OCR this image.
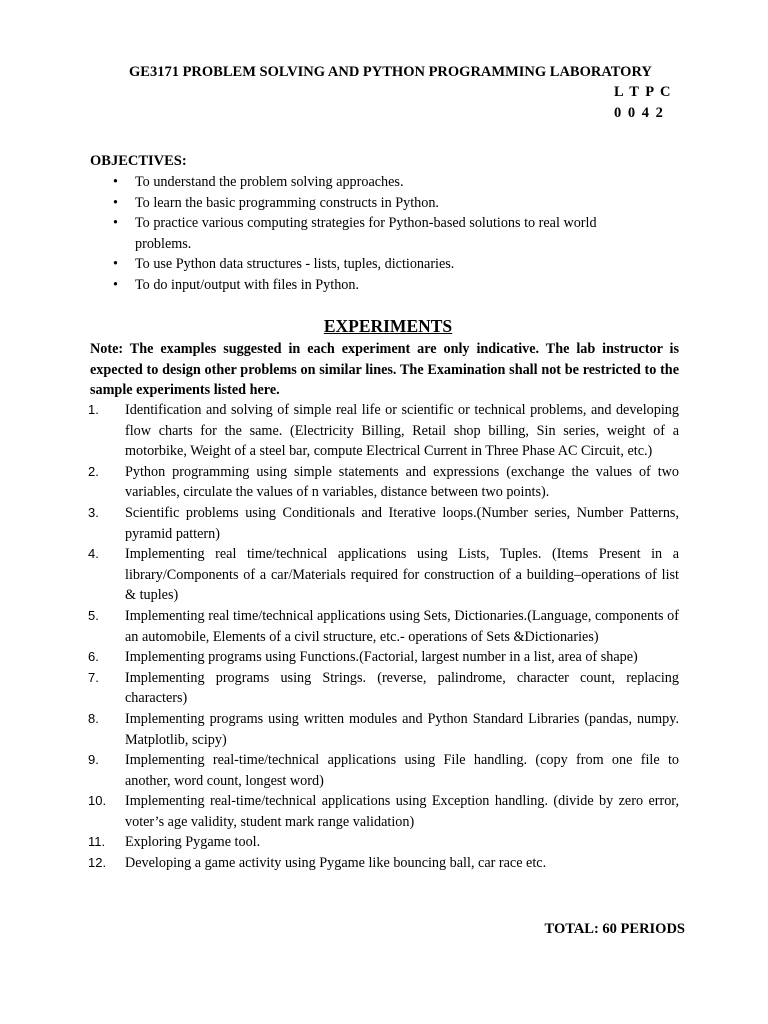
GE3171 PROBLEM SOLVING AND PYTHON PROGRAMMING LABORATORY
L T P C
0 0 4 2
OBJECTIVES:
• To understand the problem solving approaches.
• To learn the basic programming constructs in Python.
• To practice various computing strategies for Python-based solutions to real world problems.
• To use Python data structures - lists, tuples, dictionaries.
• To do input/output with files in Python.
EXPERIMENTS
Note: The examples suggested in each experiment are only indicative. The lab instructor is expected to design other problems on similar lines. The Examination shall not be restricted to the sample experiments listed here.
1. Identification and solving of simple real life or scientific or technical problems, and developing flow charts for the same. (Electricity Billing, Retail shop billing, Sin series, weight of a motorbike, Weight of a steel bar, compute Electrical Current in Three Phase AC Circuit, etc.)
2. Python programming using simple statements and expressions (exchange the values of two variables, circulate the values of n variables, distance between two points).
3. Scientific problems using Conditionals and Iterative loops.(Number series, Number Patterns, pyramid pattern)
4. Implementing real time/technical applications using Lists, Tuples. (Items Present in a library/Components of a car/Materials required for construction of a building–operations of list & tuples)
5. Implementing real time/technical applications using Sets, Dictionaries.(Language, components of an automobile, Elements of a civil structure, etc.- operations of Sets &Dictionaries)
6. Implementing programs using Functions.(Factorial, largest number in a list, area of shape)
7. Implementing programs using Strings. (reverse, palindrome, character count, replacing characters)
8. Implementing programs using written modules and Python Standard Libraries (pandas, numpy. Matplotlib, scipy)
9. Implementing real-time/technical applications using File handling. (copy from one file to another, word count, longest word)
10. Implementing real-time/technical applications using Exception handling. (divide by zero error, voter’s age validity, student mark range validation)
11. Exploring Pygame tool.
12. Developing a game activity using Pygame like bouncing ball, car race etc.
TOTAL: 60 PERIODS
